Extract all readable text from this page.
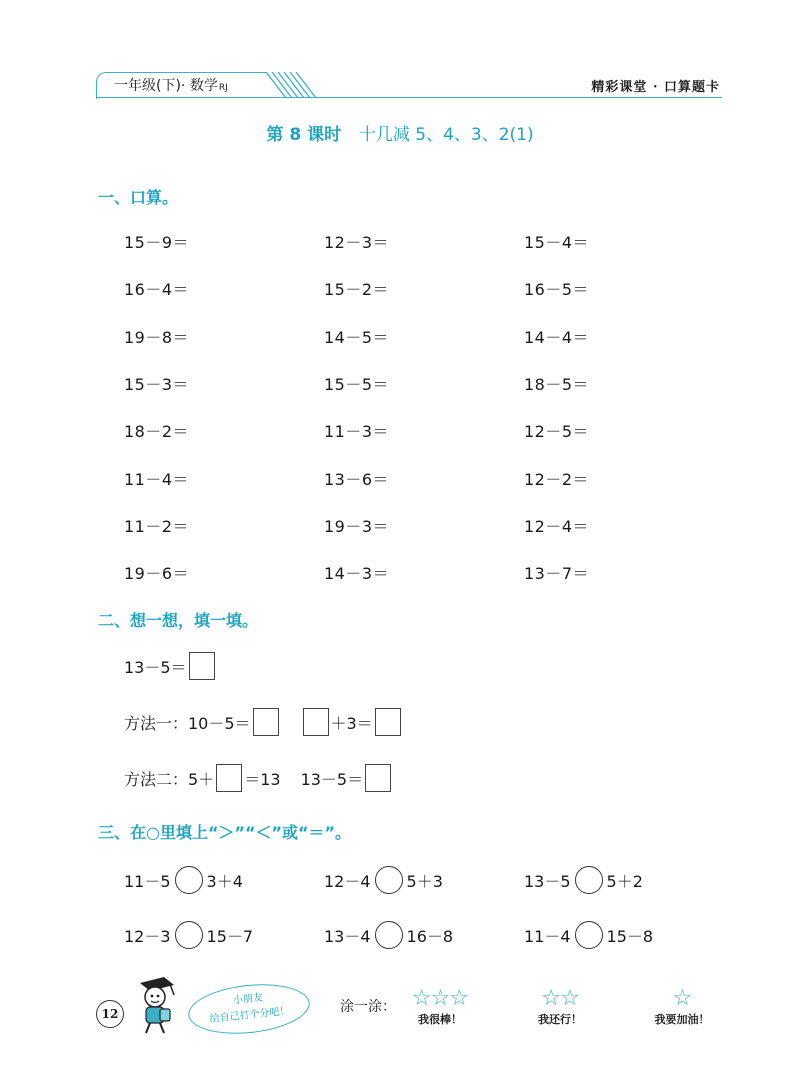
一年级(下)· 数学RJ	精彩课堂 · 口算题卡
第 8 课时 十几减 5、4、3、2(1)
一、口算。
15－9＝	12－3＝	15－4＝
16－4＝	15－2＝	16－5＝
19－8＝	14－5＝	14－4＝
15－3＝	15－5＝	18－5＝
18－2＝	11－3＝	12－5＝
11－4＝	13－6＝	12－2＝
11－2＝	19－3＝	12－4＝
19－6＝	14－3＝	13－7＝
二、想一想，填一填。
13－5＝
方法一：10－5＝	＋3＝
方法二：5＋ ＝13 13－5＝
三、在○里填上“＞”“＜”或“＝”。
11－5 3＋4	12－4 5＋3	13－5 5＋2
12－3 15－7	13－4 16－8	11－4 15－8
12
小朋友
给自己打个分吧！	涂一涂： ☆☆☆
我很棒！
☆☆
我还行！
☆
我要加油！
